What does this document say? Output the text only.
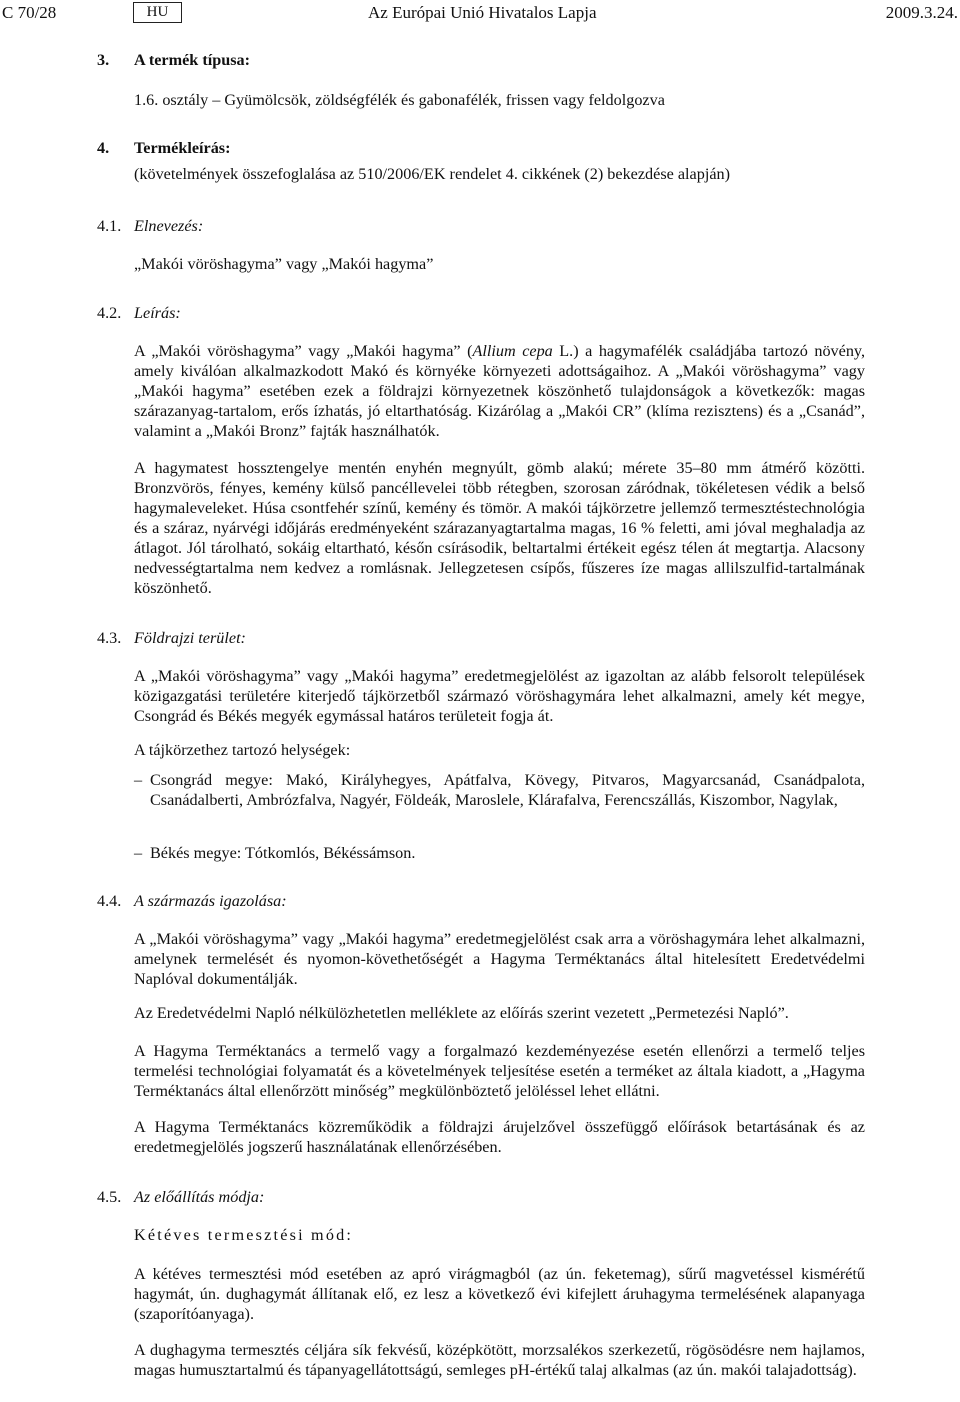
C 70/28	HU	Az Európai Unió Hivatalos Lapja	2009.3.24.
3. A termék típusa:
1.6. osztály – Gyümölcsök, zöldségfélék és gabonafélék, frissen vagy feldolgozva
4. Termékleírás:
(követelmények összefoglalása az 510/2006/EK rendelet 4. cikkének (2) bekezdése alapján)
4.1. Elnevezés:
„Makói vöröshagyma” vagy „Makói hagyma”
4.2. Leírás:
A „Makói vöröshagyma” vagy „Makói hagyma” (Allium cepa L.) a hagymafélék családjába tartozó növény, amely kiválóan alkalmazkodott Makó és környéke környezeti adottságaihoz. A „Makói vöröshagyma” vagy „Makói hagyma” esetében ezek a földrajzi környezetnek köszönhető tulajdonságok a következők: magas szárazanyag-tartalom, erős ízhatás, jó eltarthatóság. Kizárólag a „Makói CR” (klíma rezisztens) és a „Csanád”, valamint a „Makói Bronz” fajták használhatók.
A hagymatest hossztengelye mentén enyhén megnyúlt, gömb alakú; mérete 35–80 mm átmérő közötti. Bronzvörös, fényes, kemény külső pancéllevelei több rétegben, szorosan záródnak, tökéletesen védik a belső hagymaleveleket. Húsa csontfehér színű, kemény és tömör. A makói tájkörzetre jellemző termesztéstechnológia és a száraz, nyárvégi időjárás eredményeként szárazanyagtartalma magas, 16 % feletti, ami jóval meghaladja az átlagot. Jól tárolható, sokáig eltartható, későn csírásodik, beltartalmi értékeit egész télen át megtartja. Alacsony nedvességtartalma nem kedvez a romlásnak. Jellegzetesen csípős, fűszeres íze magas allilszulfid-tartalmának köszönhető.
4.3. Földrajzi terület:
A „Makói vöröshagyma” vagy „Makói hagyma” eredetmegjelölést az igazoltan az alább felsorolt települések közigazgatási területére kiterjedő tájkörzetből származó vöröshagymára lehet alkalmazni, amely két megye, Csongrád és Békés megyék egymással határos területeit fogja át.
A tájkörzethez tartozó helységek:
– Csongrád megye: Makó, Királyhegyes, Apátfalva, Kövegy, Pitvaros, Magyarcsanád, Csanádpalota, Csanádalberti, Ambrózfalva, Nagyér, Földeák, Maroslele, Klárafalva, Ferencszállás, Kiszombor, Nagylak,
– Békés megye: Tótkomlós, Békéssámson.
4.4. A származás igazolása:
A „Makói vöröshagyma” vagy „Makói hagyma” eredetmegjelölést csak arra a vöröshagymára lehet alkalmazni, amelynek termelését és nyomon-követhetőségét a Hagyma Terméktanács által hitelesített Eredetvédelmi Naplóval dokumentálják.
Az Eredetvédelmi Napló nélkülözhetetlen melléklete az előírás szerint vezetett „Permetezési Napló”.
A Hagyma Terméktanács a termelő vagy a forgalmazó kezdeményezése esetén ellenőrzi a termelő teljes termelési technológiai folyamatát és a követelmények teljesítése esetén a terméket az általa kiadott, a „Hagyma Terméktanács által ellenőrzött minőség” megkülönböztető jelöléssel lehet ellátni.
A Hagyma Terméktanács közreműködik a földrajzi árujelzővel összefüggő előírások betartásának és az eredetmegjelölés jogszerű használatának ellenőrzésében.
4.5. Az előállítás módja:
Kétéves termesztési mód:
A kétéves termesztési mód esetében az apró virágmagból (az ún. feketemag), sűrű magvetéssel kismérétű hagymát, ún. dughagymát állítanak elő, ez lesz a következő évi kifejlett áruhagyma termelésének alapanyaga (szaporítóanyaga).
A dughagyma termesztés céljára sík fekvésű, középkötött, morzsalékos szerkezetű, rögösödésre nem hajlamos, magas humusztartalmú és tápanyagellátottságú, semleges pH-értékű talaj alkalmas (az ún. makói talajadottság).
